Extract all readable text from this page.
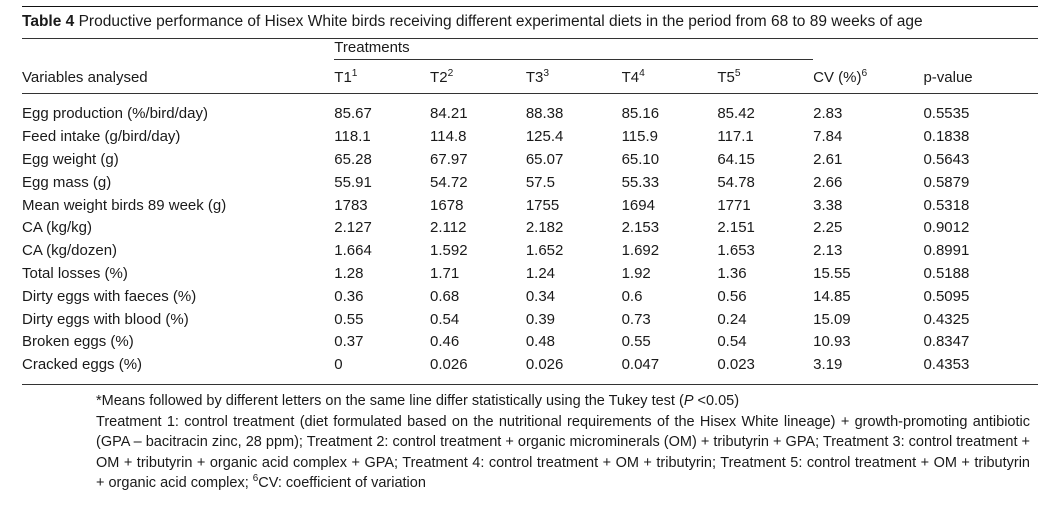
Table 4 Productive performance of Hisex White birds receiving different experimental diets in the period from 68 to 89 weeks of age

	Treatments						

Variables analysed	$T1^1$	$T2^2$	$T3^3$	$T4^4$	$T5^5$	CV (%)$^6$	p-value

Egg production (%/bird/day)	85.67	84.21	88.38	85.16	85.42	2.83	0.5535
Feed intake (g/bird/day)	118.1	114.8	125.4	115.9	117.1	7.84	0.1838
Egg weight (g)	65.28	67.97	65.07	65.10	64.15	2.61	0.5643
Egg mass (g)	55.91	54.72	57.5	55.33	54.78	2.66	0.5879
Mean weight birds 89 week (g)	1783	1678	1755	1694	1771	3.38	0.5318
CA (kg/kg)	2.127	2.112	2.182	2.153	2.151	2.25	0.9012
CA (kg/dozen)	1.664	1.592	1.652	1.692	1.653	2.13	0.8991
Total losses (%)	1.28	1.71	1.24	1.92	1.36	15.55	0.5188
Dirty eggs with faeces (%)	0.36	0.68	0.34	0.6	0.56	14.85	0.5095
Dirty eggs with blood (%)	0.55	0.54	0.39	0.73	0.24	15.09	0.4325
Broken eggs (%)	0.37	0.46	0.48	0.55	0.54	10.93	0.8347
Cracked eggs (%)	0	0.026	0.026	0.047	0.023	3.19	0.4353

*Means followed by different letters on the same line differ statistically using the Tukey test (P <0.05)
Treatment 1: control treatment (diet formulated based on the nutritional requirements of the Hisex White lineage) + growth-promoting antibiotic (GPA – bacitracin zinc, 28 ppm); Treatment 2: control treatment + organic microminerals (OM) + tributyrin + GPA; Treatment 3: control treatment + OM + tributyrin + organic acid complex + GPA; Treatment 4: control treatment + OM + tributyrin; Treatment 5: control treatment + OM + tributyrin + organic acid complex; $^6$CV: coefficient of variation
